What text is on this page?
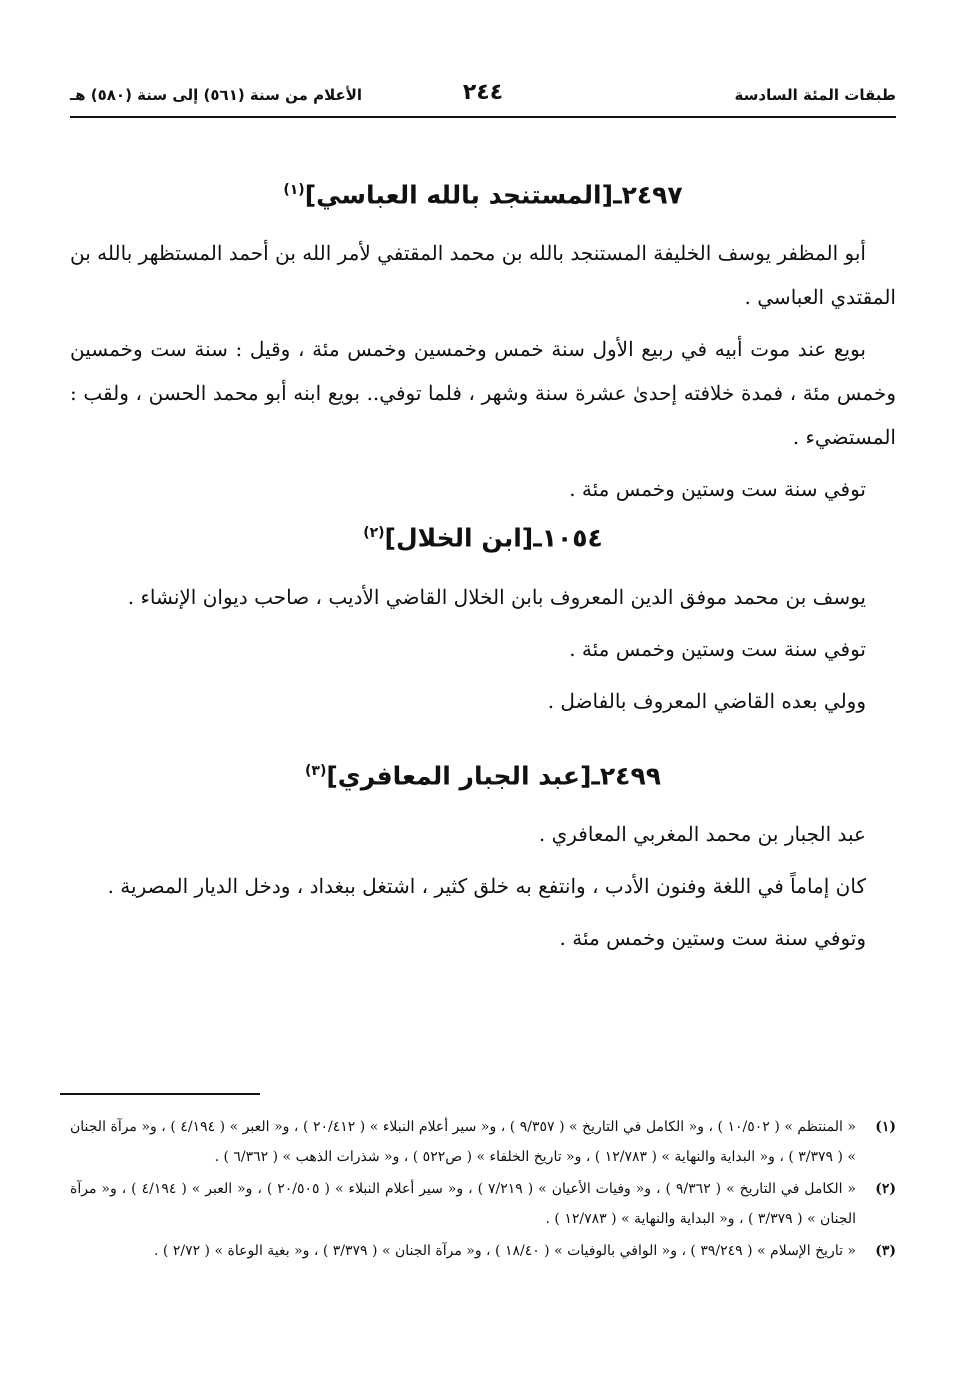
طبقات المئة السادسة
٢٤٤
الأعلام من سنة (٥٦١) إلى سنة (٥٨٠) هـ
٢٤٩٧ـ[المستنجد بالله العباسي]$^{(١)}$

أبو المظفر يوسف الخليفة المستنجد بالله بن محمد المقتفي لأمر الله بن أحمد المستظهر بالله بن المقتدي العباسي .

بويع عند موت أبيه في ربيع الأول سنة خمس وخمسين وخمس مئة ، وقيل : سنة ست وخمسين وخمس مئة ، فمدة خلافته إحدىٰ عشرة سنة وشهر ، فلما توفي.. بويع ابنه أبو محمد الحسن ، ولقب : المستضيء .

توفي سنة ست وستين وخمس مئة .

١٠٥٤ـ[ابن الخلال]$^{(٢)}$

يوسف بن محمد موفق الدين المعروف بابن الخلال القاضي الأديب ، صاحب ديوان الإنشاء .

توفي سنة ست وستين وخمس مئة .

وولي بعده القاضي المعروف بالفاضل .

٢٤٩٩ـ[عبد الجبار المعافري]$^{(٣)}$

عبد الجبار بن محمد المغربي المعافري .

كان إماماً في اللغة وفنون الأدب ، وانتفع به خلق كثير ، اشتغل ببغداد ، ودخل الديار المصرية .

وتوفي سنة ست وستين وخمس مئة .

(١)
« المنتظم » ( ١٠/٥٠٢ ) ، و« الكامل في التاريخ » ( ٩/٣٥٧ ) ، و« سير أعلام النبلاء » ( ٢٠/٤١٢ ) ، و« العبر » ( ٤/١٩٤ ) ، و« مرآة الجنان » ( ٣/٣٧٩ ) ، و« البداية والنهاية » ( ١٢/٧٨٣ ) ، و« تاريخ الخلفاء » ( ص٥٢٢ ) ، و« شذرات الذهب » ( ٦/٣٦٢ ) .
(٢)
« الكامل في التاريخ » ( ٩/٣٦٢ ) ، و« وفيات الأعيان » ( ٧/٢١٩ ) ، و« سير أعلام النبلاء » ( ٢٠/٥٠٥ ) ، و« العبر » ( ٤/١٩٤ ) ، و« مرآة الجنان » ( ٣/٣٧٩ ) ، و« البداية والنهاية » ( ١٢/٧٨٣ ) .
(٣)
« تاريخ الإسلام » ( ٣٩/٢٤٩ ) ، و« الوافي بالوفيات » ( ١٨/٤٠ ) ، و« مرآة الجنان » ( ٣/٣٧٩ ) ، و« بغية الوعاة » ( ٢/٧٢ ) .
